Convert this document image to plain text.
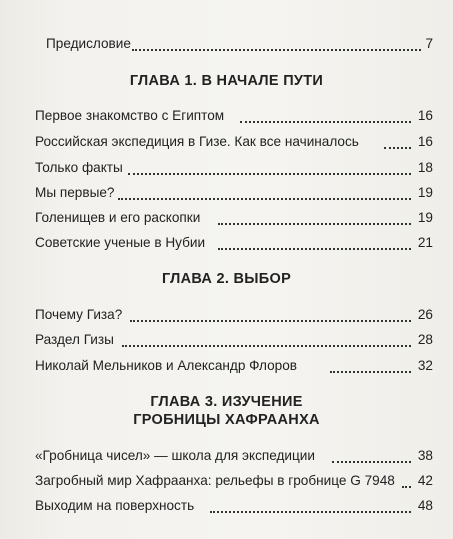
Предисловие	7
ГЛАВА 1. В НАЧАЛЕ ПУТИ
Первое знакомство с Египтом	16
Российская экспедиция в Гизе. Как все начиналось	16
Только факты	18
Мы первые?	19
Голенищев и его раскопки	19
Советские ученые в Нубии	21
ГЛАВА 2. ВЫБОР
Почему Гиза?	26
Раздел Гизы	28
Николай Мельников и Александр Флоров	32
ГЛАВА 3. ИЗУЧЕНИЕ
ГРОБНИЦЫ ХАФРААНХА
«Гробница чисел» — школа для экспедиции	38
Загробный мир Хафраанха: рельефы в гробнице G 7948	42
Выходим на поверхность	48
